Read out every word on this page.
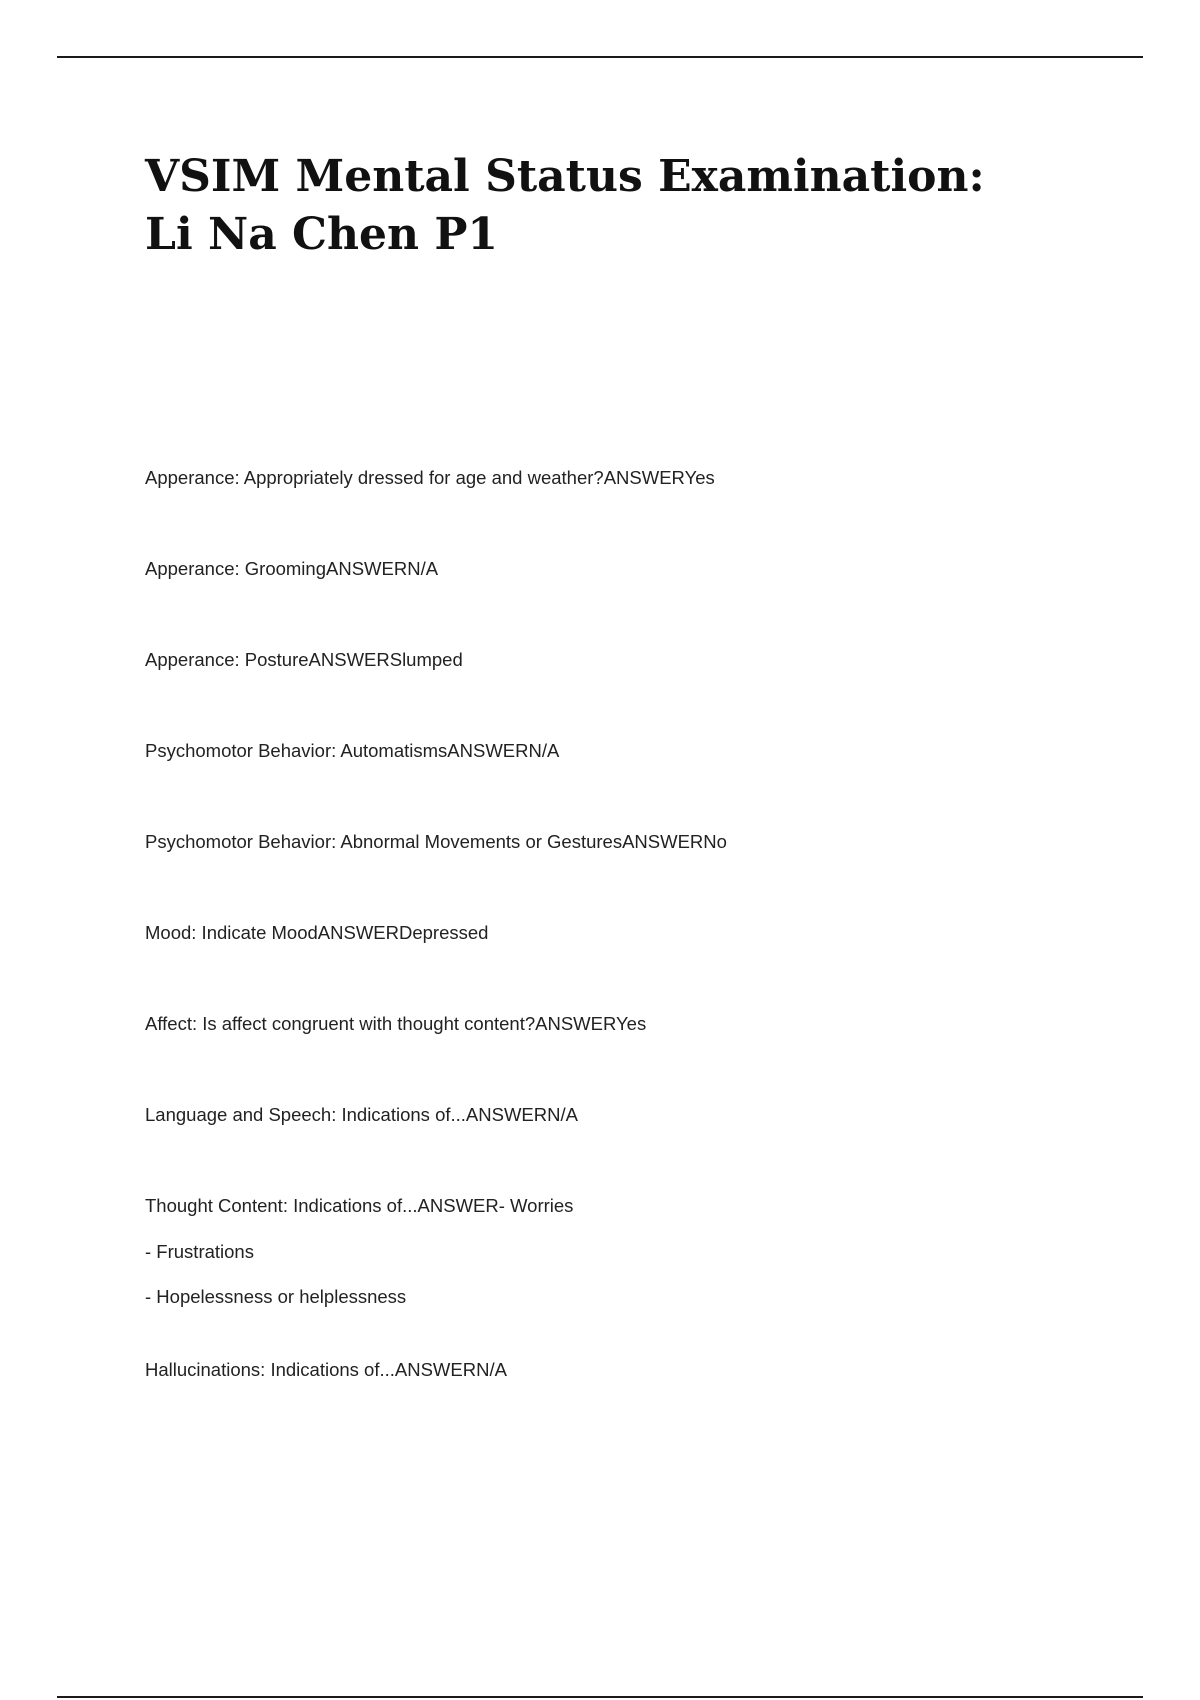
VSIM Mental Status Examination: Li Na Chen P1
Apperance: Appropriately dressed for age and weather?ANSWERYes
Apperance: GroomingANSWERN/A
Apperance: PostureANSWERSlumped
Psychomotor Behavior: AutomatismsANSWERN/A
Psychomotor Behavior: Abnormal Movements or GesturesANSWERNo
Mood: Indicate MoodANSWERDepressed
Affect: Is affect congruent with thought content?ANSWERYes
Language and Speech: Indications of...ANSWERN/A
Thought Content: Indications of...ANSWER- Worries
- Frustrations
- Hopelessness or helplessness
Hallucinations: Indications of...ANSWERN/A
